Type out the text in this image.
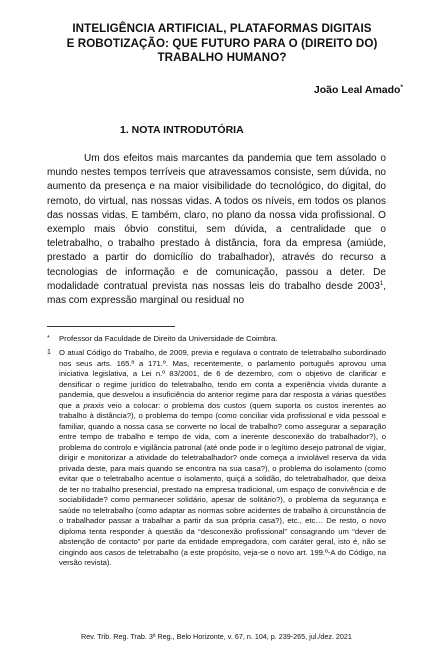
INTELIGÊNCIA ARTIFICIAL, PLATAFORMAS DIGITAIS
E ROBOTIZAÇÃO: QUE FUTURO PARA O (DIREITO DO)
TRABALHO HUMANO?
João Leal Amado*
1. NOTA INTRODUTÓRIA

Um dos efeitos mais marcantes da pandemia que tem assolado o mundo nestes tempos terríveis que atravessamos consiste, sem dúvida, no aumento da presença e na maior visibilidade do tecnológico, do digital, do remoto, do virtual, nas nossas vidas. A todos os níveis, em todos os planos das nossas vidas. E também, claro, no plano da nossa vida profissional. O exemplo mais óbvio constitui, sem dúvida, a centralidade que o teletrabalho, o trabalho prestado à distância, fora da empresa (amiúde, prestado a partir do domicílio do trabalhador), através do recurso a tecnologias de informação e de comunicação, passou a deter. De modalidade contratual prevista nas nossas leis do trabalho desde 2003$^1$, mas com expressão marginal ou residual no

* Professor da Faculdade de Direito da Universidade de Coimbra.

1 O atual Código do Trabalho, de 2009, previa e regulava o contrato de teletrabalho subordinado nos seus arts. 165.º a 171.º. Mas, recentemente, o parlamento português aprovou uma iniciativa legislativa, a Lei n.º 83/2001, de 6 de dezembro, com o objetivo de clarificar e densificar o regime jurídico do teletrabalho, tendo em conta a experiência vivida durante a pandemia, que desvelou a insuficiência do anterior regime para dar resposta a várias questões que a praxis veio a colocar: o problema dos custos (quem suporta os custos inerentes ao trabalho à distância?), o problema do tempo (como conciliar vida profissional e vida pessoal e familiar, quando a nossa casa se converte no local de trabalho? como assegurar a separação entre tempo de trabalho e tempo de vida, com a inerente desconexão do trabalhador?), o problema do controlo e vigilância patronal (até onde pode ir o legítimo desejo patronal de vigiar, dirigir e monitorizar a atividade do teletrabalhador? onde começa a inviolável reserva da vida privada deste, para mais quando se encontra na sua casa?), o problema do isolamento (como evitar que o teletrabalho acentue o isolamento, quiçá a solidão, do teletrabalhador, que deixa de ter no trabalho presencial, prestado na empresa tradicional, um espaço de convivência e de sociabilidade? como permanecer solidário, apesar de solitário?), o problema da segurança e saúde no teletrabalho (como adaptar as normas sobre acidentes de trabalho à circunstância de o trabalhador passar a trabalhar a partir da sua própria casa?), etc., etc… De resto, o novo diploma tenta responder à questão da “desconexão profissional” consagrando um “dever de abstenção de contacto” por parte da entidade empregadora, com caráter geral, isto é, não se cingindo aos casos de teletrabalho (a este propósito, veja-se o novo art. 199.º-A do Código, na versão revista).

Rev. Trib. Reg. Trab. 3ª Reg., Belo Horizonte, v. 67, n. 104, p. 239-265, jul./dez. 2021
